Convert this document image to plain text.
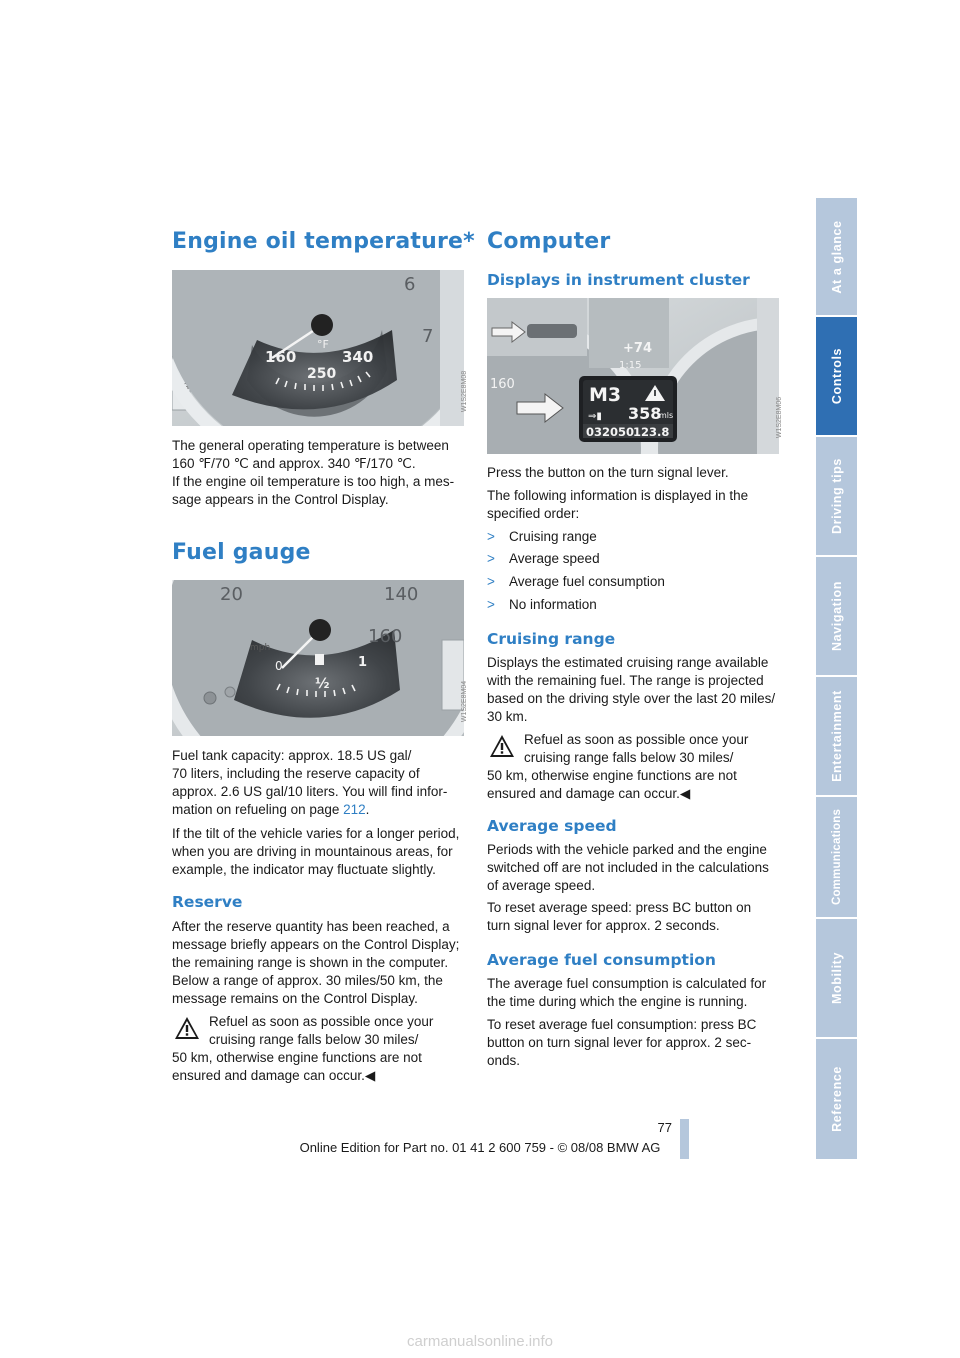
At a glance
Controls
Driving tips
Navigation
Entertainment
Communications
Mobility
Reference
Engine oil temperature*
3.8
160	340
250
°F
6
7
W1S2E8M08

The general operating temperature is between

160 ℉/70 ℃ and approx. 340 ℉/170 ℃.

If the engine oil temperature is too high, a mes-

sage appears in the Control Display.

Fuel gauge
20	140
160
mph
0	1
½	W1S2E8M04

Fuel tank capacity: approx. 18.5 US gal/

70 liters, including the reserve capacity of

approx. 2.6 US gal/10 liters. You will find infor-

mation on refueling on page 212.

If the tilt of the vehicle varies for a longer period,

when you are driving in mountainous areas, for

example, the indicator may fluctuate slightly.

Reserve

After the reserve quantity has been reached, a

message briefly appears on the Control Display;

the remaining range is shown in the computer.

Below a range of approx. 30 miles/50 km, the

message remains on the Control Display.

Refuel as soon as possible once your

cruising range falls below 30 miles/

50 km, otherwise engine functions are not

ensured and damage can occur.◀

Computer
Displays in instrument cluster
+74
1:15
160	M3
⇒▮ 358
mls
032050
123.8	W1S2E8M06

Press the button on the turn signal lever.

The following information is displayed in the

specified order:

> Cruising range
> Average speed
> Average fuel consumption
> No information
Cruising range

Displays the estimated cruising range available

with the remaining fuel. The range is projected

based on the driving style over the last 20 miles/

30 km.

Refuel as soon as possible once your

cruising range falls below 30 miles/

50 km, otherwise engine functions are not

ensured and damage can occur.◀

Average speed

Periods with the vehicle parked and the engine

switched off are not included in the calculations

of average speed.

To reset average speed: press BC button on

turn signal lever for approx. 2 seconds.

Average fuel consumption

The average fuel consumption is calculated for

the time during which the engine is running.

To reset average fuel consumption: press BC

button on turn signal lever for approx. 2 sec-

onds.

77
Online Edition for Part no. 01 41 2 600 759 - © 08/08 BMW AG
carmanualsonline.info
